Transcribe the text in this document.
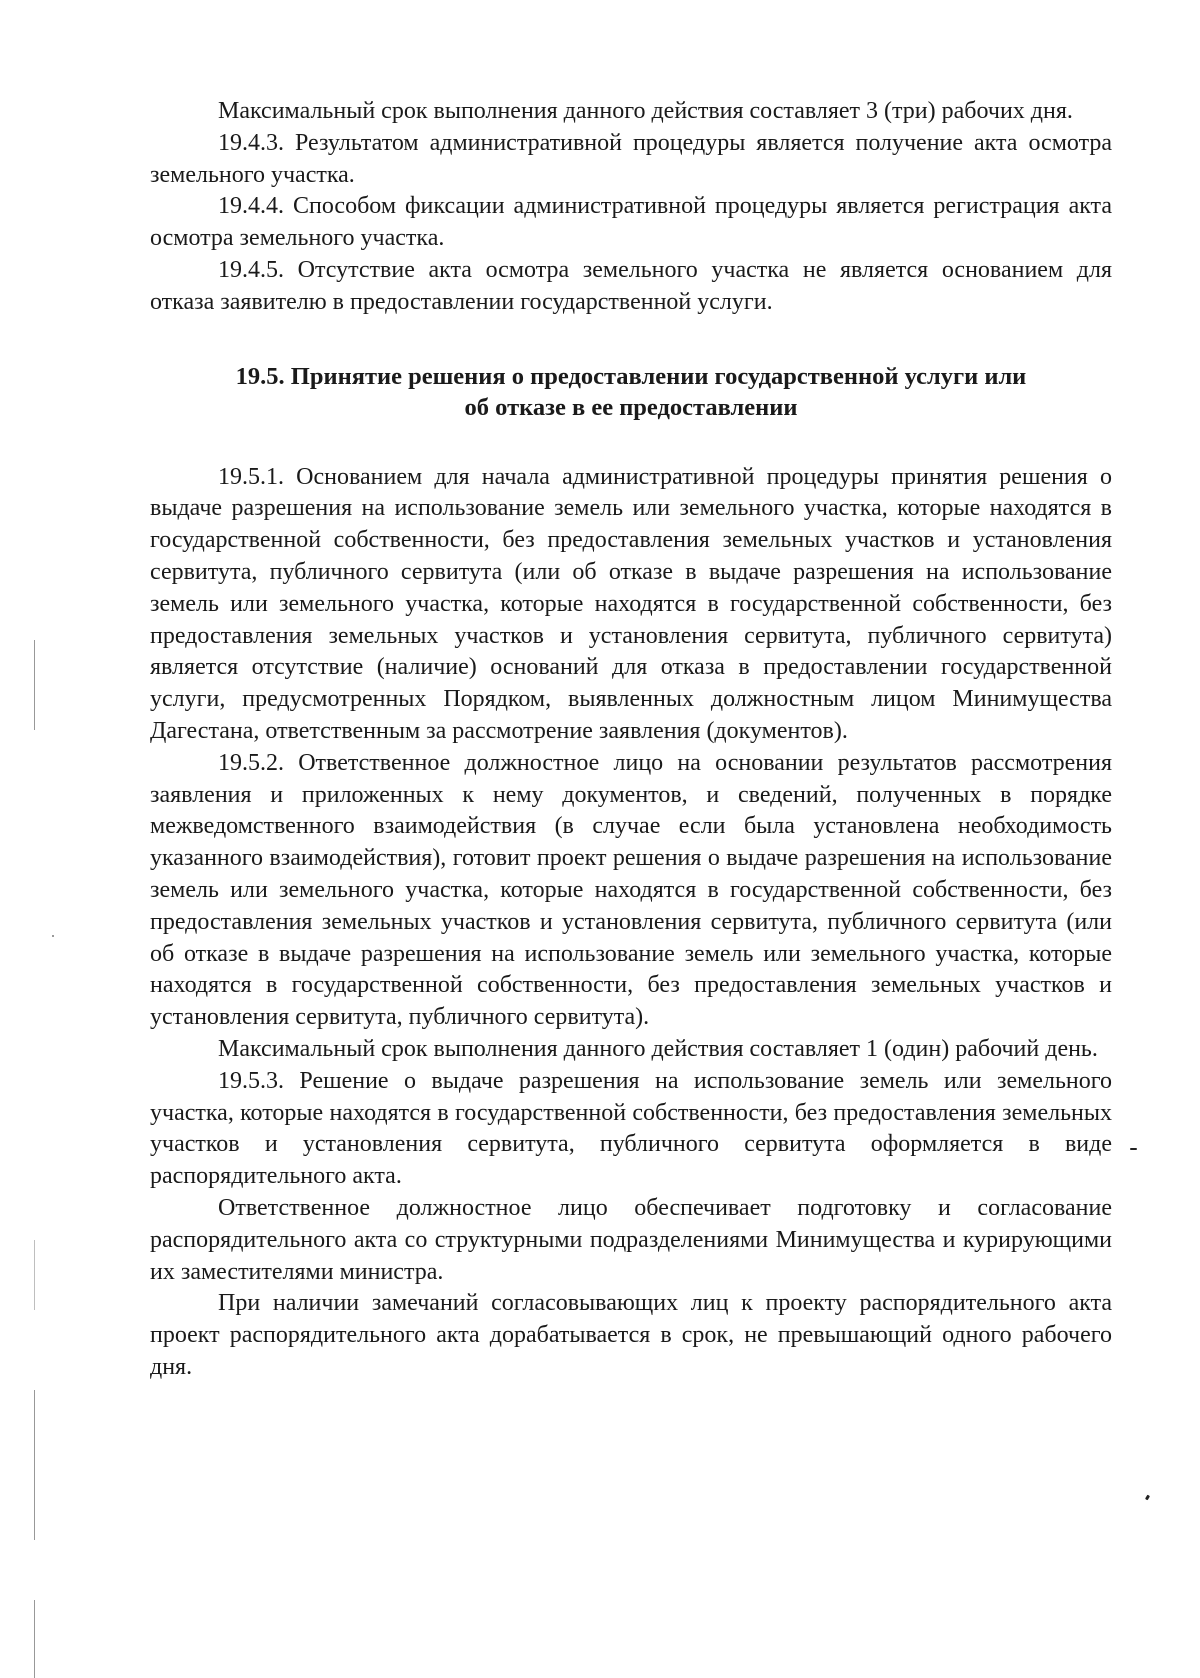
Максимальный срок выполнения данного действия составляет 3 (три) рабочих дня.

19.4.3. Результатом административной процедуры является получение акта осмотра земельного участка.

19.4.4. Способом фиксации административной процедуры является регистрация акта осмотра земельного участка.

19.4.5. Отсутствие акта осмотра земельного участка не является основанием для отказа заявителю в предоставлении государственной услуги.

19.5. Принятие решения о предоставлении государственной услуги или
об отказе в ее предоставлении

19.5.1. Основанием для начала административной процедуры принятия решения о выдаче разрешения на использование земель или земельного участка, которые находятся в государственной собственности, без предоставления земельных участков и установления сервитута, публичного сервитута (или об отказе в выдаче разрешения на использование земель или земельного участка, которые находятся в государственной собственности, без предоставления земельных участков и установления сервитута, публичного сервитута) является отсутствие (наличие) оснований для отказа в предоставлении государственной услуги, предусмотренных Порядком, выявленных должностным лицом Минимущества Дагестана, ответственным за рассмотрение заявления (документов).

19.5.2. Ответственное должностное лицо на основании результатов рассмотрения заявления и приложенных к нему документов, и сведений, полученных в порядке межведомственного взаимодействия (в случае если была установлена необходимость указанного взаимодействия), готовит проект решения о выдаче разрешения на использование земель или земельного участка, которые находятся в государственной собственности, без предоставления земельных участков и установления сервитута, публичного сервитута (или об отказе в выдаче разрешения на использование земель или земельного участка, которые находятся в государственной собственности, без предоставления земельных участков и установления сервитута, публичного сервитута).

Максимальный срок выполнения данного действия составляет 1 (один) рабочий день.

19.5.3. Решение о выдаче разрешения на использование земель или земельного участка, которые находятся в государственной собственности, без предоставления земельных участков и установления сервитута, публичного сервитута оформляется в виде распорядительного акта.

Ответственное должностное лицо обеспечивает подготовку и согласование распорядительного акта со структурными подразделениями Минимущества и курирующими их заместителями министра.

При наличии замечаний согласовывающих лиц к проекту распорядительного акта проект распорядительного акта дорабатывается в срок, не превышающий одного рабочего дня.
